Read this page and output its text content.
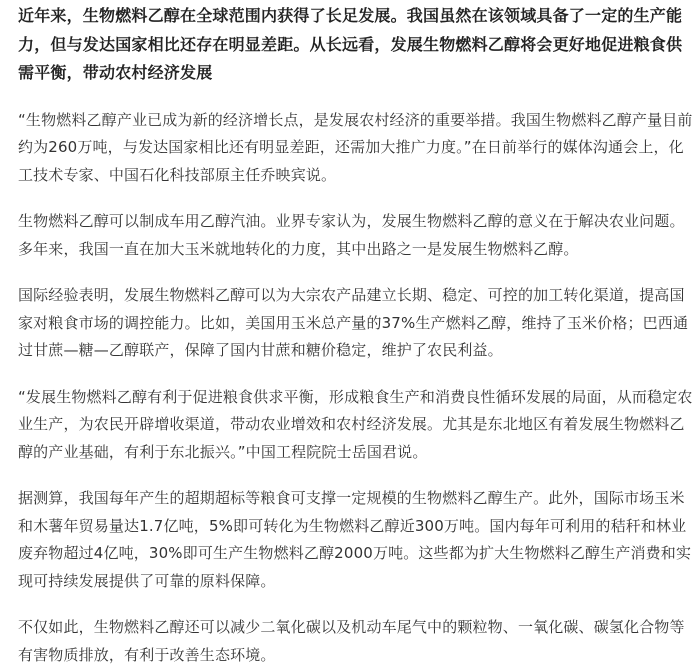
近年来，生物燃料乙醇在全球范围内获得了长足发展。我国虽然在该领域具备了一定的生产能力，但与发达国家相比还存在明显差距。从长远看，发展生物燃料乙醇将会更好地促进粮食供需平衡，带动农村经济发展

“生物燃料乙醇产业已成为新的经济增长点，是发展农村经济的重要举措。我国生物燃料乙醇产量目前约为260万吨，与发达国家相比还有明显差距，还需加大推广力度。”在日前举行的媒体沟通会上，化工技术专家、中国石化科技部原主任乔映宾说。

生物燃料乙醇可以制成车用乙醇汽油。业界专家认为，发展生物燃料乙醇的意义在于解决农业问题。多年来，我国一直在加大玉米就地转化的力度，其中出路之一是发展生物燃料乙醇。

国际经验表明，发展生物燃料乙醇可以为大宗农产品建立长期、稳定、可控的加工转化渠道，提高国家对粮食市场的调控能力。比如，美国用玉米总产量的37%生产燃料乙醇，维持了玉米价格；巴西通过甘蔗—糖—乙醇联产，保障了国内甘蔗和糖价稳定，维护了农民利益。

“发展生物燃料乙醇有利于促进粮食供求平衡，形成粮食生产和消费良性循环发展的局面，从而稳定农业生产，为农民开辟增收渠道，带动农业增效和农村经济发展。尤其是东北地区有着发展生物燃料乙醇的产业基础，有利于东北振兴。”中国工程院院士岳国君说。

据测算，我国每年产生的超期超标等粮食可支撑一定规模的生物燃料乙醇生产。此外，国际市场玉米和木薯年贸易量达1.7亿吨，5%即可转化为生物燃料乙醇近300万吨。国内每年可利用的秸秆和林业废弃物超过4亿吨，30%即可生产生物燃料乙醇2000万吨。这些都为扩大生物燃料乙醇生产消费和实现可持续发展提供了可靠的原料保障。

不仅如此，生物燃料乙醇还可以减少二氧化碳以及机动车尾气中的颗粒物、一氧化碳、碳氢化合物等有害物质排放，有利于改善生态环境。
